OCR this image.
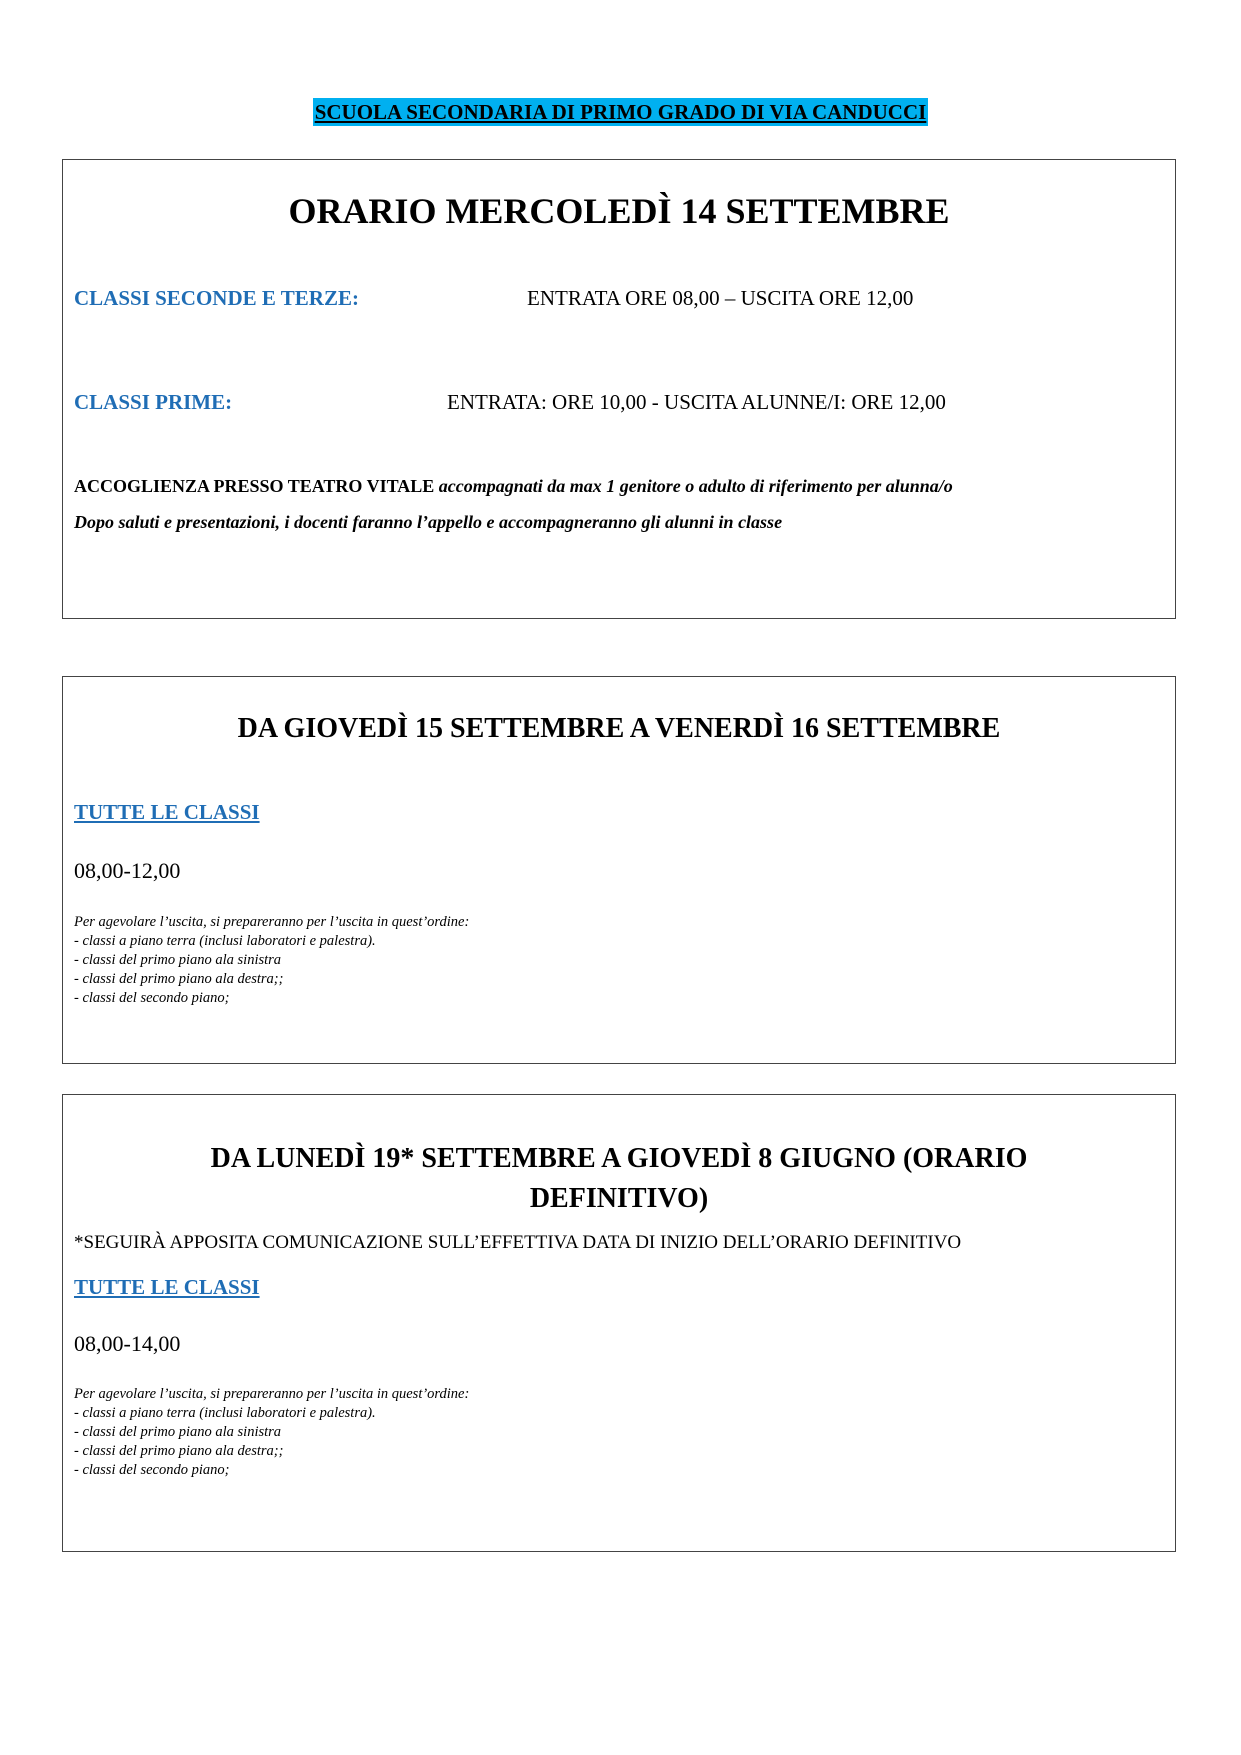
SCUOLA SECONDARIA DI PRIMO GRADO DI VIA CANDUCCI
ORARIO MERCOLEDÌ 14 SETTEMBRE
CLASSI SECONDE E TERZE:	ENTRATA ORE 08,00 – USCITA ORE 12,00
CLASSI PRIME:	ENTRATA: ORE 10,00 - USCITA ALUNNE/I: ORE 12,00
ACCOGLIENZA PRESSO TEATRO VITALE accompagnati da max 1 genitore o adulto di riferimento per alunna/o
Dopo saluti e presentazioni, i docenti faranno l’appello e accompagneranno gli alunni in classe
DA GIOVEDÌ 15 SETTEMBRE A VENERDÌ 16 SETTEMBRE
TUTTE LE CLASSI
08,00-12,00
Per agevolare l’uscita, si prepareranno per l’uscita in quest’ordine:
- classi a piano terra (inclusi laboratori e palestra).
- classi del primo piano ala sinistra
- classi del primo piano ala destra;;
- classi del secondo piano;
DA LUNEDÌ 19* SETTEMBRE A GIOVEDÌ 8 GIUGNO (ORARIO
DEFINITIVO)
*SEGUIRÀ APPOSITA COMUNICAZIONE SULL’EFFETTIVA DATA DI INIZIO DELL’ORARIO DEFINITIVO
TUTTE LE CLASSI
08,00-14,00
Per agevolare l’uscita, si prepareranno per l’uscita in quest’ordine:
- classi a piano terra (inclusi laboratori e palestra).
- classi del primo piano ala sinistra
- classi del primo piano ala destra;;
- classi del secondo piano;
